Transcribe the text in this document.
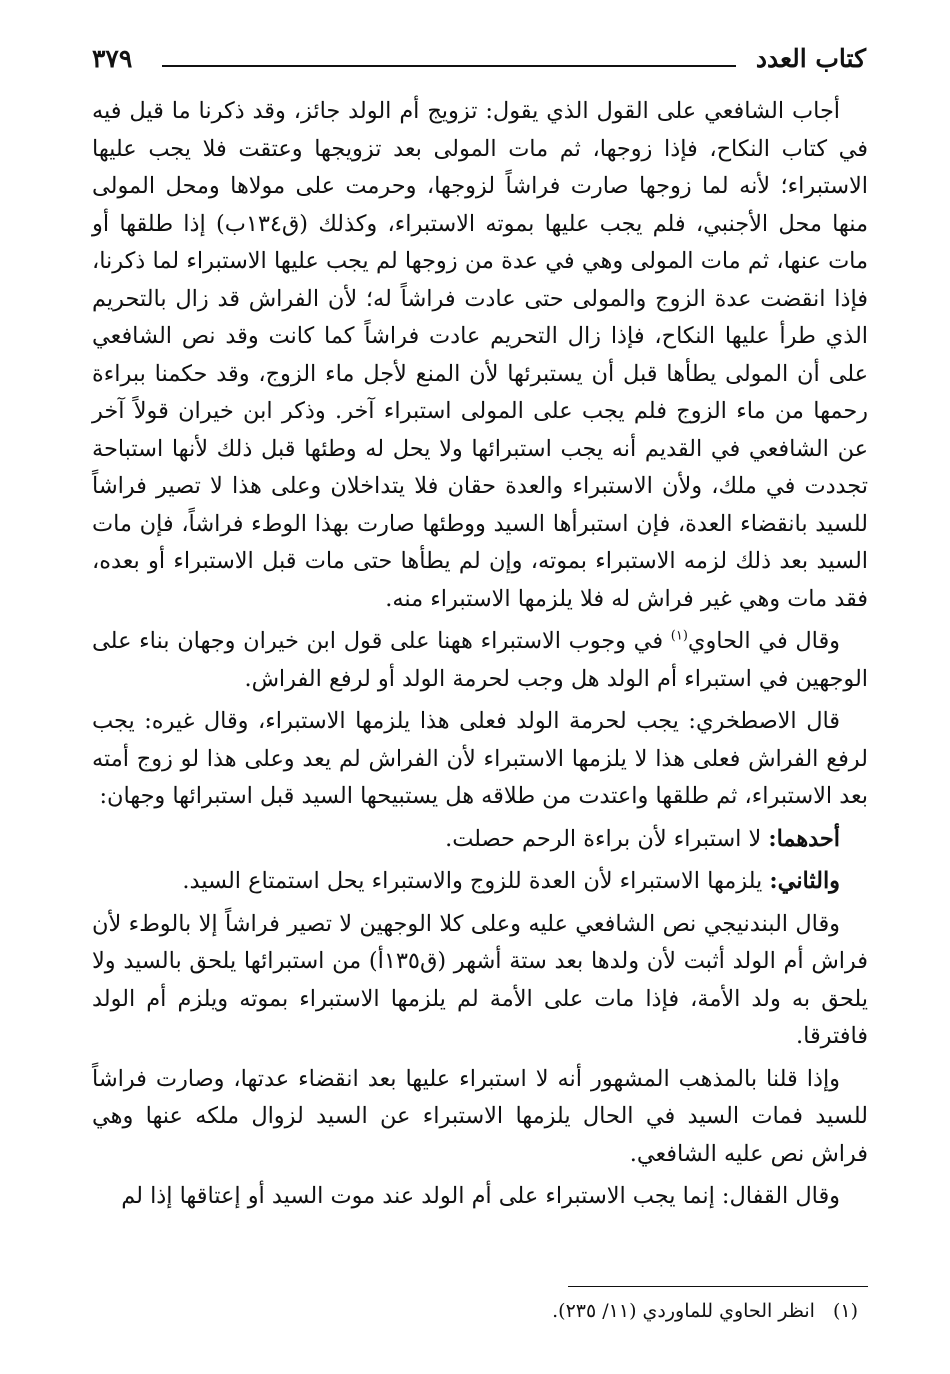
كتاب العدد
٣٧٩

أجاب الشافعي على القول الذي يقول: تزويج أم الولد جائز، وقد ذكرنا ما قيل فيه في كتاب النكاح، فإذا زوجها، ثم مات المولى بعد تزويجها وعتقت فلا يجب عليها الاستبراء؛ لأنه لما زوجها صارت فراشاً لزوجها، وحرمت على مولاها ومحل المولى منها محل الأجنبي، فلم يجب عليها بموته الاستبراء، وكذلك (ق١٣٤ب) إذا طلقها أو مات عنها، ثم مات المولى وهي في عدة من زوجها لم يجب عليها الاستبراء لما ذكرنا، فإذا انقضت عدة الزوج والمولى حتى عادت فراشاً له؛ لأن الفراش قد زال بالتحريم الذي طرأ عليها النكاح، فإذا زال التحريم عادت فراشاً كما كانت وقد نص الشافعي على أن المولى يطأها قبل أن يستبرئها لأن المنع لأجل ماء الزوج، وقد حكمنا ببراءة رحمها من ماء الزوج فلم يجب على المولى استبراء آخر. وذكر ابن خيران قولاً آخر عن الشافعي في القديم أنه يجب استبرائها ولا يحل له وطئها قبل ذلك لأنها استباحة تجددت في ملك، ولأن الاستبراء والعدة حقان فلا يتداخلان وعلى هذا لا تصير فراشاً للسيد بانقضاء العدة، فإن استبرأها السيد ووطئها صارت بهذا الوطء فراشاً، فإن مات السيد بعد ذلك لزمه الاستبراء بموته، وإن لم يطأها حتى مات قبل الاستبراء أو بعده، فقد مات وهي غير فراش له فلا يلزمها الاستبراء منه.

وقال في الحاوي$^{(١)}$ في وجوب الاستبراء ههنا على قول ابن خيران وجهان بناء على الوجهين في استبراء أم الولد هل وجب لحرمة الولد أو لرفع الفراش.

قال الاصطخري: يجب لحرمة الولد فعلى هذا يلزمها الاستبراء، وقال غيره: يجب لرفع الفراش فعلى هذا لا يلزمها الاستبراء لأن الفراش لم يعد وعلى هذا لو زوج أمته بعد الاستبراء، ثم طلقها واعتدت من طلاقه هل يستبيحها السيد قبل استبرائها وجهان:

أحدهما: لا استبراء لأن براءة الرحم حصلت.

والثاني: يلزمها الاستبراء لأن العدة للزوج والاستبراء يحل استمتاع السيد.

وقال البندنيجي نص الشافعي عليه وعلى كلا الوجهين لا تصير فراشاً إلا بالوطء لأن فراش أم الولد أثبت لأن ولدها بعد ستة أشهر (ق١٣٥أ) من استبرائها يلحق بالسيد ولا يلحق به ولد الأمة، فإذا مات على الأمة لم يلزمها الاستبراء بموته ويلزم أم الولد فافترقا.

وإذا قلنا بالمذهب المشهور أنه لا استبراء عليها بعد انقضاء عدتها، وصارت فراشاً للسيد فمات السيد في الحال يلزمها الاستبراء عن السيد لزوال ملكه عنها وهي فراش نص عليه الشافعي.

وقال القفال: إنما يجب الاستبراء على أم الولد عند موت السيد أو إعتاقها إذا لم

(١)انظر الحاوي للماوردي (١١/ ٢٣٥).
